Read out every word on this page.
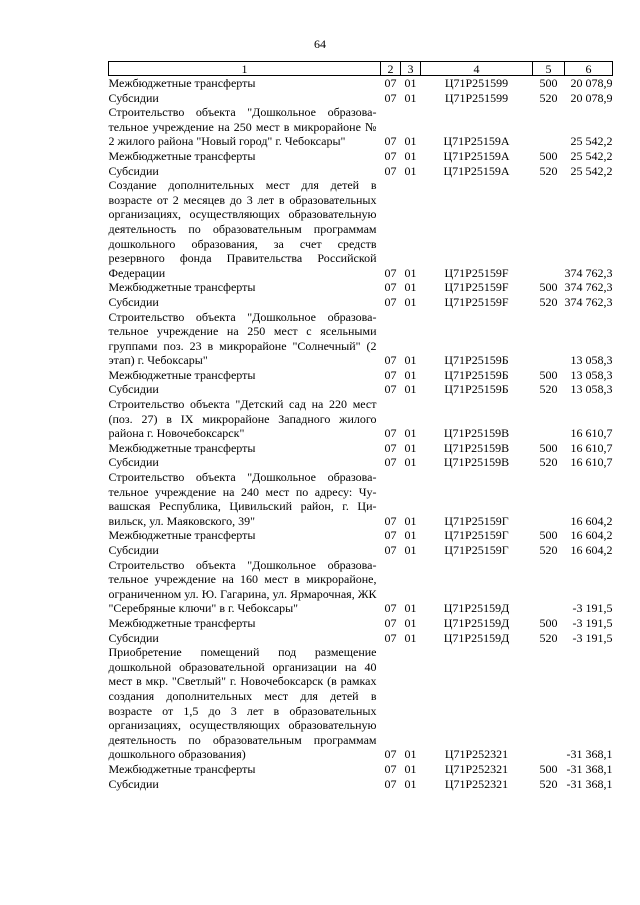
64
1	2	3	4	5	6
Межбюджетные трансферты	07	01	Ц71P251599	500	20 078,9
Субсидии	07	01	Ц71P251599	520	20 078,9
Строительство объекта "Дошкольное образовательное учреждение на 250 мест в микрорайоне № 2 жилого района "Новый город" г. Чебоксары"	07	01	Ц71P25159А		25 542,2
Межбюджетные трансферты	07	01	Ц71P25159А	500	25 542,2
Субсидии	07	01	Ц71P25159А	520	25 542,2
Создание дополнительных мест для детей в возрасте от 2 месяцев до 3 лет в образовательных организациях, осуществляющих образовательную деятельность по образовательным программам дошкольного образования, за счет средств резервного фонда Правительства Российской Федерации	07	01	Ц71P25159F		374 762,3
Межбюджетные трансферты	07	01	Ц71P25159F	500	374 762,3
Субсидии	07	01	Ц71P25159F	520	374 762,3
Строительство объекта "Дошкольное образовательное учреждение на 250 мест с ясельными группами поз. 23 в микрорайоне "Солнечный" (2 этап) г. Чебоксары"	07	01	Ц71P25159Б		13 058,3
Межбюджетные трансферты	07	01	Ц71P25159Б	500	13 058,3
Субсидии	07	01	Ц71P25159Б	520	13 058,3
Строительство объекта "Детский сад на 220 мест (поз. 27) в IX микрорайоне Западного жилого района г. Новочебоксарск"	07	01	Ц71P25159В		16 610,7
Межбюджетные трансферты	07	01	Ц71P25159В	500	16 610,7
Субсидии	07	01	Ц71P25159В	520	16 610,7
Строительство объекта "Дошкольное образовательное учреждение на 240 мест по адресу: Чувашская Республика, Цивильский район, г. Цивильск, ул. Маяковского, 39"	07	01	Ц71P25159Г		16 604,2
Межбюджетные трансферты	07	01	Ц71P25159Г	500	16 604,2
Субсидии	07	01	Ц71P25159Г	520	16 604,2
Строительство объекта "Дошкольное образовательное учреждение на 160 мест в микрорайоне, ограниченном ул. Ю. Гагарина, ул. Ярмарочная, ЖК "Серебряные ключи" в г. Чебоксары"	07	01	Ц71P25159Д		-3 191,5
Межбюджетные трансферты	07	01	Ц71P25159Д	500	-3 191,5
Субсидии	07	01	Ц71P25159Д	520	-3 191,5
Приобретение помещений под размещение дошкольной образовательной организации на 40 мест в мкр. "Светлый" г. Новочебоксарск (в рамках создания дополнительных мест для детей в возрасте от 1,5 до 3 лет в образовательных организациях, осуществляющих образовательную деятельность по образовательным программам дошкольного образования)	07	01	Ц71P252321		-31 368,1
Межбюджетные трансферты	07	01	Ц71P252321	500	-31 368,1
Субсидии	07	01	Ц71P252321	520	-31 368,1
